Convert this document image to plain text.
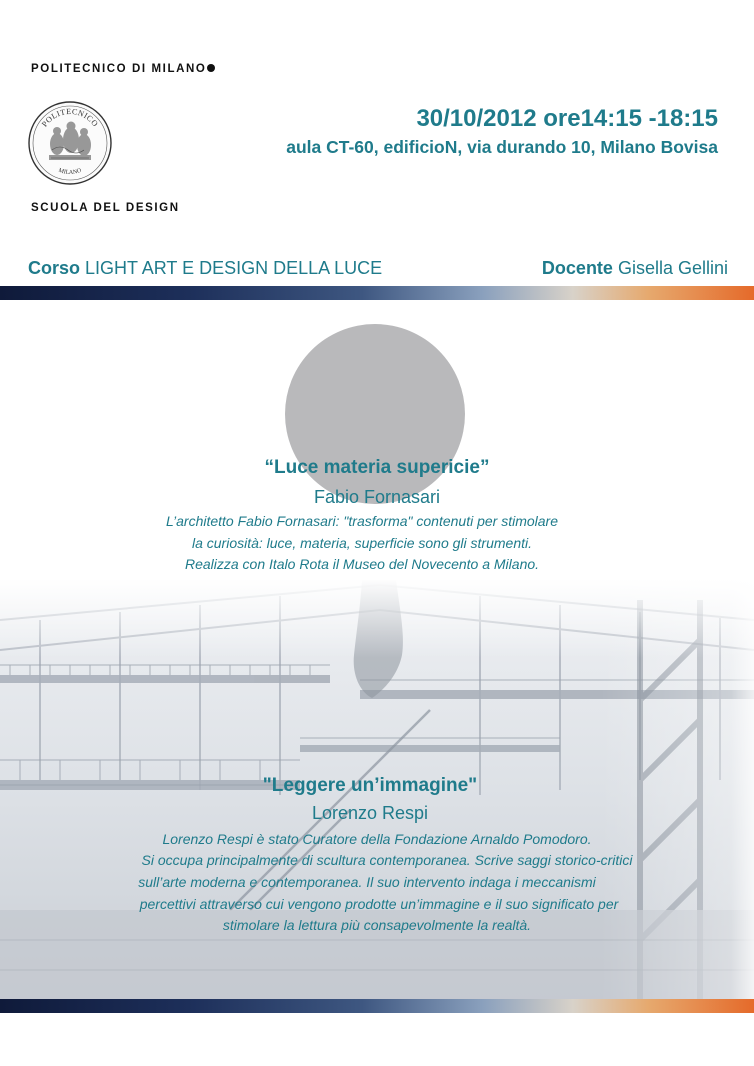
POLITECNICO DI MILANO
POLITECNICO
MILANO
SCUOLA DEL DESIGN
30/10/2012 ore14:15 -18:15
aula CT-60, edificioN, via durando 10, Milano Bovisa
Corso LIGHT ART E DESIGN DELLA LUCE	Docente Gisella Gellini
“Luce materia supericie”
Fabio Fornasari
L’architetto Fabio Fornasari: "trasforma" contenuti per stimolare
la curiosità: luce, materia, superficie sono gli strumenti.
Realizza con Italo Rota il Museo del Novecento a Milano.
"Leggere un’immagine"
Lorenzo Respi
Lorenzo Respi è stato Curatore della Fondazione Arnaldo Pomodoro.
Si occupa principalmente di scultura contemporanea. Scrive saggi storico-critici
sull’arte moderna e contemporanea. Il suo intervento indaga i meccanismi
percettivi attraverso cui vengono prodotte un’immagine e il suo significato per
stimolare la lettura più consapevolmente la realtà.
